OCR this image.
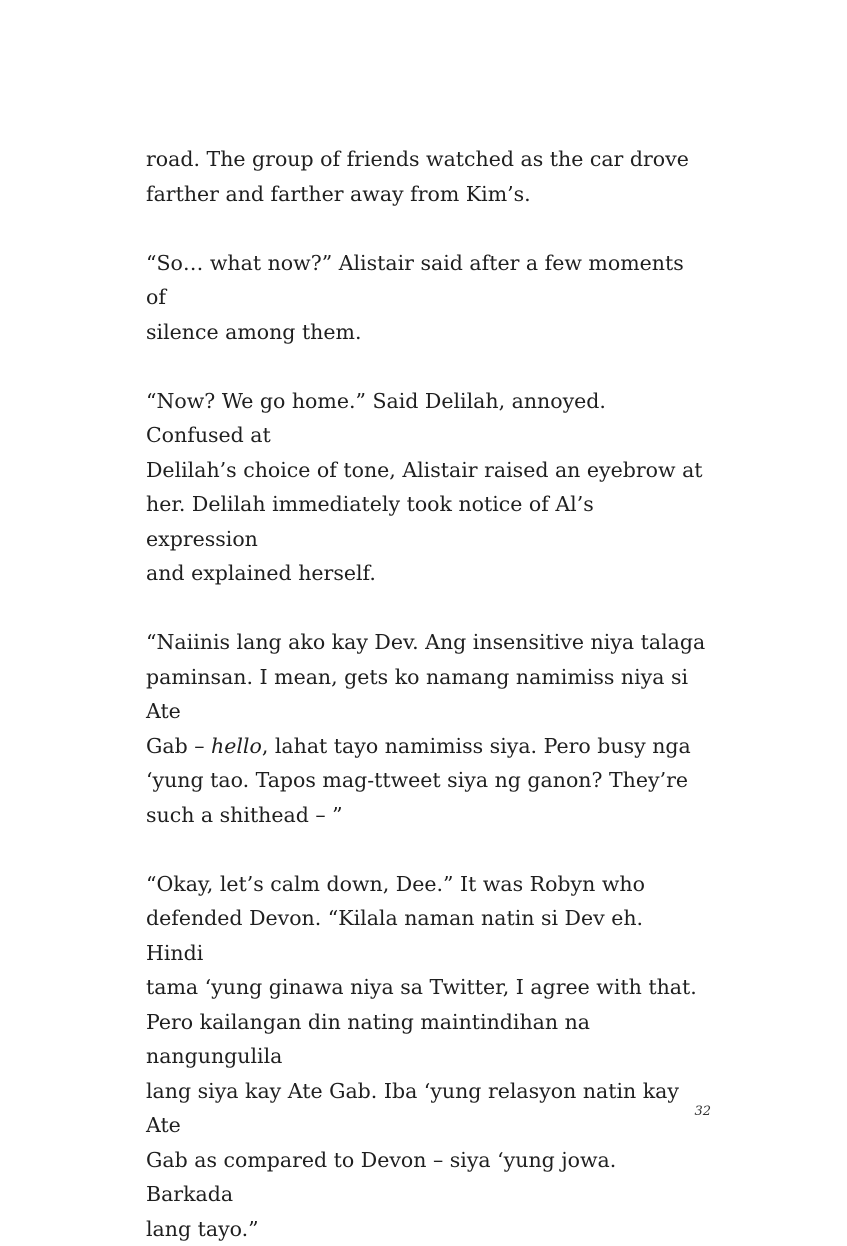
road. The group of friends watched as the car drove
farther and farther away from Kim’s.

“So… what now?” Alistair said after a few moments of
silence among them.

“Now? We go home.” Said Delilah, annoyed. Confused at
Delilah’s choice of tone, Alistair raised an eyebrow at
her. Delilah immediately took notice of Al’s expression
and explained herself.

“Naiinis lang ako kay Dev. Ang insensitive niya talaga
paminsan. I mean, gets ko namang namimiss niya si Ate
Gab – hello, lahat tayo namimiss siya. Pero busy nga
‘yung tao. Tapos mag-ttweet siya ng ganon? They’re
such a shithead – ”

“Okay, let’s calm down, Dee.” It was Robyn who
defended Devon. “Kilala naman natin si Dev eh. Hindi
tama ‘yung ginawa niya sa Twitter, I agree with that.
Pero kailangan din nating maintindihan na nangungulila
lang siya kay Ate Gab. Iba ‘yung relasyon natin kay Ate
Gab as compared to Devon – siya ‘yung jowa. Barkada
lang tayo.”

32
